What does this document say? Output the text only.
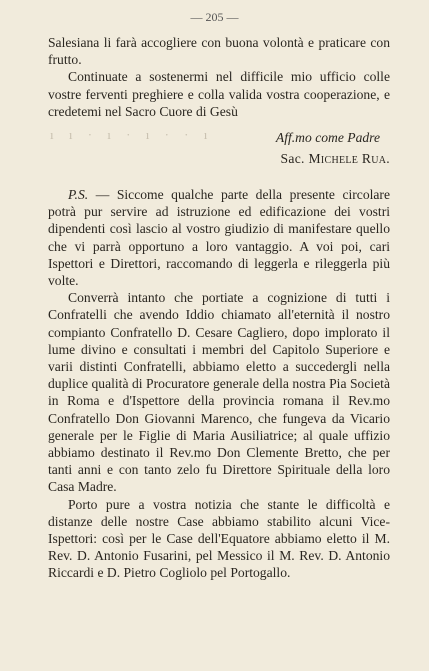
— 205 —

Salesiana li farà accogliere con buona volontà e praticare con frutto.

Continuate a sostenermi nel difficile mio ufficio colle vostre ferventi preghiere e colla valida vostra cooperazione, e credetemi nel Sacro Cuore di Gesù

ı ı · ı · ı · · ı	Aff.mo come Padre
Sac. Michele Rua.

P.S. — Siccome qualche parte della presente circolare potrà pur servire ad istruzione ed edificazione dei vostri dipendenti così lascio al vostro giudizio di manifestare quello che vi parrà opportuno a loro vantaggio. A voi poi, cari Ispettori e Direttori, raccomando di leggerla e rileggerla più volte.

Converrà intanto che portiate a cognizione di tutti i Confratelli che avendo Iddio chiamato all'eternità il nostro compianto Confratello D. Cesare Cagliero, dopo implorato il lume divino e consultati i membri del Capitolo Superiore e varii distinti Confratelli, abbiamo eletto a succedergli nella duplice qualità di Procuratore generale della nostra Pia Società in Roma e d'Ispettore della provincia romana il Rev.mo Confratello Don Giovanni Marenco, che fungeva da Vicario generale per le Figlie di Maria Ausiliatrice; al quale uffizio abbiamo destinato il Rev.mo Don Clemente Bretto, che per tanti anni e con tanto zelo fu Direttore Spirituale della loro Casa Madre.

Porto pure a vostra notizia che stante le difficoltà e distanze delle nostre Case abbiamo stabilito alcuni Vice-Ispettori: così per le Case dell'Equatore abbiamo eletto il M. Rev. D. Antonio Fusarini, pel Messico il M. Rev. D. Antonio Riccardi e D. Pietro Cogliolo pel Portogallo.
